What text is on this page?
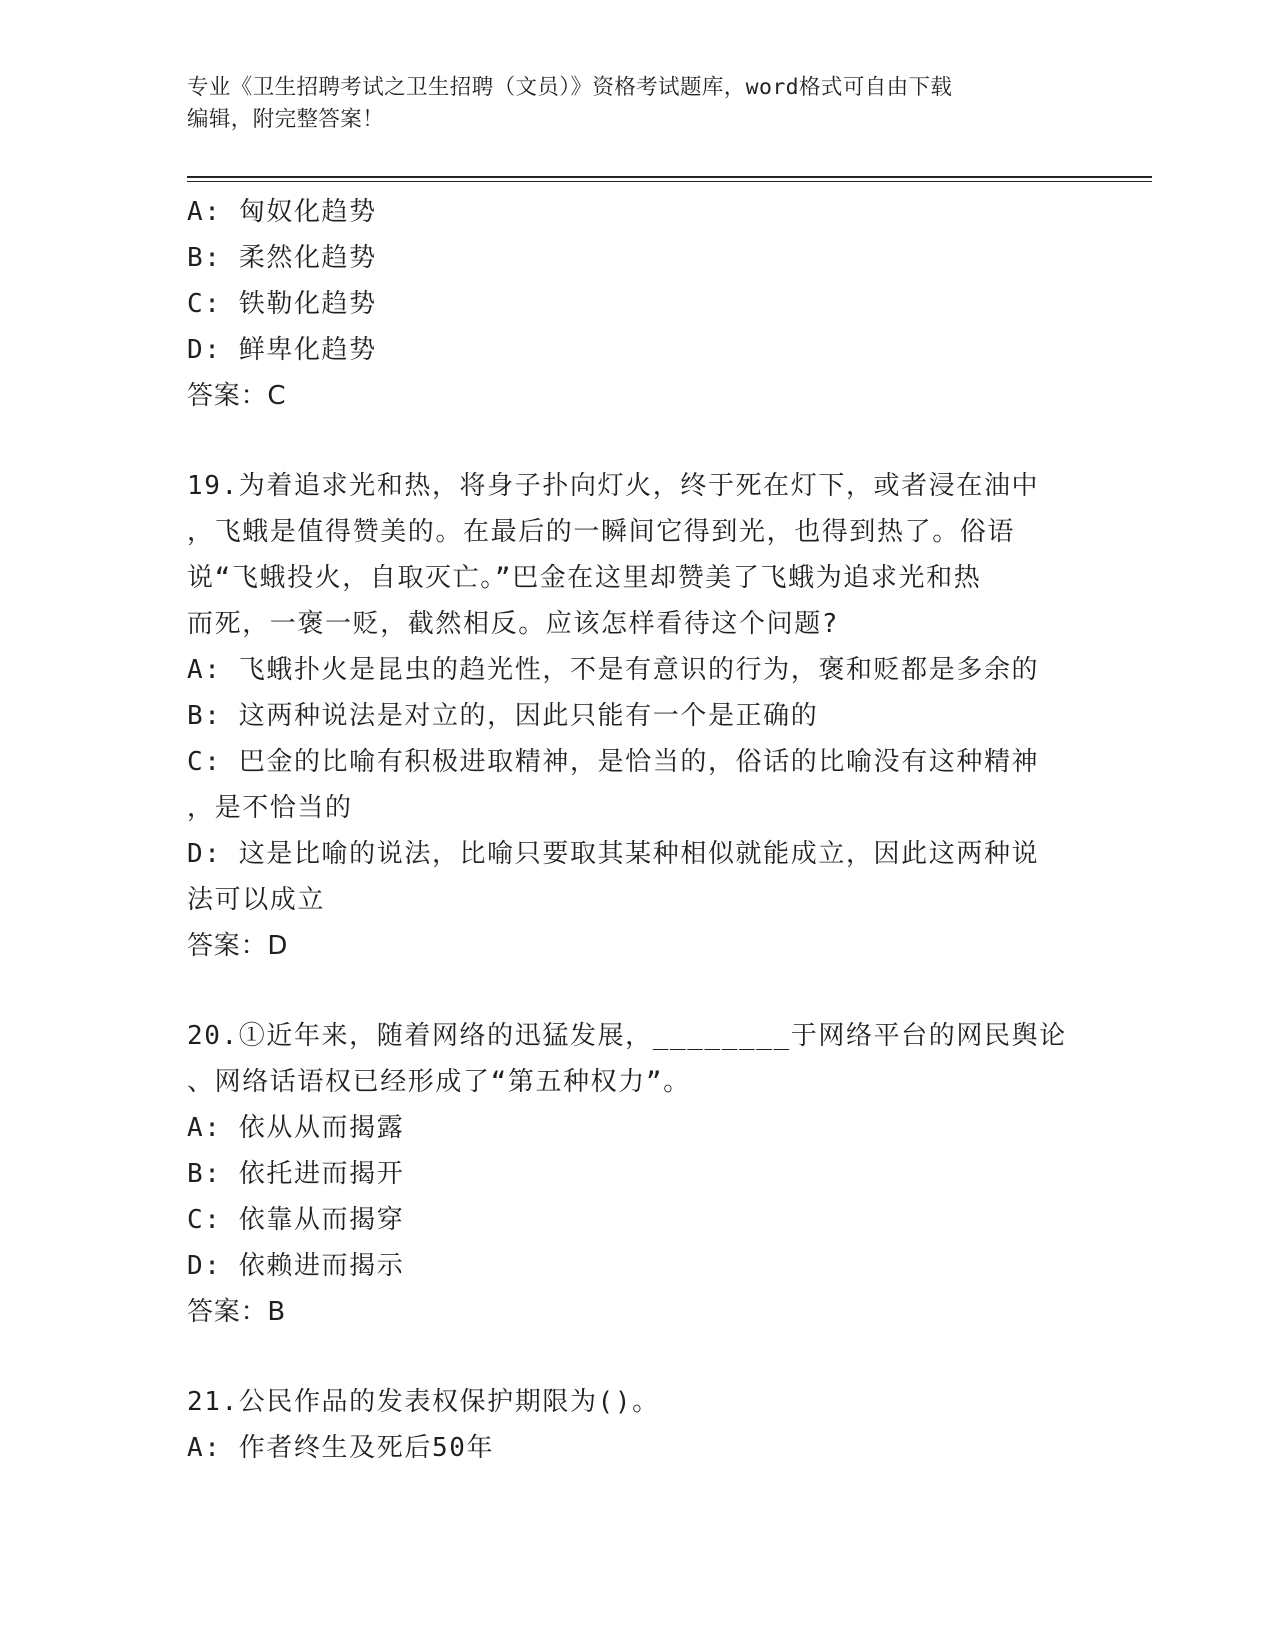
专业《卫生招聘考试之卫生招聘（文员）》资格考试题库，word格式可自由下载
编辑，附完整答案！
A: 匈奴化趋势
B: 柔然化趋势
C: 铁勒化趋势
D: 鲜卑化趋势
答案：C
19.为着追求光和热，将身子扑向灯火，终于死在灯下，或者浸在油中
，飞蛾是值得赞美的。在最后的一瞬间它得到光，也得到热了。俗语
说“飞蛾投火，自取灭亡。”巴金在这里却赞美了飞蛾为追求光和热
而死，一褒一贬，截然相反。应该怎样看待这个问题?
A: 飞蛾扑火是昆虫的趋光性，不是有意识的行为，褒和贬都是多余的
B: 这两种说法是对立的，因此只能有一个是正确的
C: 巴金的比喻有积极进取精神，是恰当的，俗话的比喻没有这种精神
，是不恰当的
D: 这是比喻的说法，比喻只要取其某种相似就能成立，因此这两种说
法可以成立
答案：D
20.①近年来，随着网络的迅猛发展，________于网络平台的网民舆论
、网络话语权已经形成了“第五种权力”。
A: 依从从而揭露
B: 依托进而揭开
C: 依靠从而揭穿
D: 依赖进而揭示
答案：B
21.公民作品的发表权保护期限为()。
A: 作者终生及死后50年
